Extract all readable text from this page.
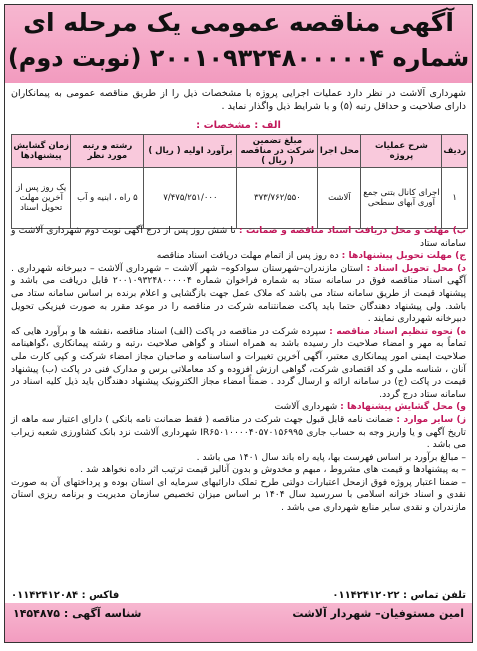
آگهی مناقصه عمومی یک مرحله ای
شماره ۲۰۰۱۰۹۳۲۴۸۰۰۰۰۰۴ (نوبت دوم)
شهرداری آلاشت در نظر دارد عملیات اجرایی پروژه با مشخصات ذیل را از طریق مناقصه عمومی به پیمانکاران دارای صلاحیت و حداقل رتبه (۵) و با شرایط ذیل واگذار نماید .
الف : مشخصات :
ردیف	شرح عملیات پروژه	محل اجرا	مبلغ تضمین شرکت در مناقصه ( ریال )	برآورد اولیه ( ریال )	رشته و رتبه مورد نظر	زمان گشایش پیشنهادها
۱	اجرای کانال بتنی جمع آوری آبهای سطحی	آلاشت	۳۷۳/۷۶۲/۵۵۰	۷/۴۷۵/۲۵۱/۰۰۰	۵ راه ، ابنیه و آب	یک روز پس از آخرین مهلت تحویل اسناد

ب) مهلت و محل دریافت اسناد مناقصه و ضمانت : تا شش روز پس از درج آگهی نوبت دوم شهرداری آلاشت و سامانه ستاد

ج) مهلت تحویل پیشنهادها : ده روز پس از اتمام مهلت دریافت اسناد مناقصه

د) محل تحویل اسناد : استان مازندران–شهرستان سوادکوه– شهر آلاشت – شهرداری آلاشت – دبیرخانه شهرداری . آگهی اسناد مناقصه فوق در سامانه ستاد به شماره فراخوان شماره ۲۰۰۱۰۹۳۲۴۸۰۰۰۰۰۴ قابل دریافت می باشد و پیشنهاد قیمت از طریق سامانه ستاد می باشد که ملاک عمل جهت بازگشایی و اعلام برنده بر اساس سامانه ستاد می باشد. ولی پیشنهاد دهندگان حتما باید پاکت ضمانتنامه شرکت در مناقصه را در موعد مقرر به صورت فیزیکی تحویل دبیرخانه شهرداری نمایند .

ه) نحوه تنظیم اسناد مناقصه : سپرده شرکت در مناقصه در پاکت (الف) اسناد مناقصه ،نقشه ها و برآورد هایی که تماماً به مهر و امضاء صلاحیت دار رسیده باشد به همراه اسناد و گواهی صلاحیت ،رتبه و رشته پیمانکاری ،گواهینامه صلاحیت ایمنی امور پیمانکاری معتبر، آگهی آخرین تغییرات و اساسنامه و صاحبان مجاز امضاء شرکت و کپی کارت ملی آنان ، شناسه ملی و کد اقتصادی شرکت، گواهی ارزش افزوده و کد معاملاتی برس و مدارک فنی در پاکت (ب) پیشنهاد قیمت در پاکت (ج) در سامانه ارائه و ارسال گردد . ضمناً امضاء مجاز الکترونیک پیشنهاد دهندگان باید ذیل کلیه اسناد در سامانه ستاد درج گردد.

و) محل گشایش پیشنهادها : شهرداری آلاشت

ز) سایر موارد : ضمانت نامه قابل قبول جهت شرکت در مناقصه ( فقط ضمانت نامه بانکی ) دارای اعتبار سه ماهه از تاریخ آگهی و یا واریز وجه به حساب جاری IR۶۵۰۱۰۰۰۰۴۰۵۷۰۱۵۶۹۹۵ شهرداری آلاشت نزد بانک کشاورزی شعبه زیراب می باشد .

– مبالغ برآورد بر اساس فهرست بها، پایه راه باند سال ۱۴۰۱ می باشد .

– به پیشنهادها و قیمت های مشروط ، مبهم و مخدوش و بدون آنالیز قیمت ترتیب اثر داده نخواهد شد .

– ضمنا اعتبار پروژه فوق ازمحل اعتبارات دولتی طرح تملک دارائیهای سرمایه ای استان بوده و پرداختهای آن به صورت نقدی و اسناد خزانه اسلامی با سررسید سال ۱۴۰۴ بر اساس میزان تخصیص سازمان مدیریت و برنامه ریزی استان مازندران و نقدی سایر منابع شهرداری می باشد .

تلفن تماس : ۰۱۱۴۲۴۱۲۰۲۲
فاکس : ۰۱۱۴۲۴۱۲۰۸۴
امین مستوفیان– شهردار آلاشت
شناسه آگهی : ۱۴۵۴۸۷۵
